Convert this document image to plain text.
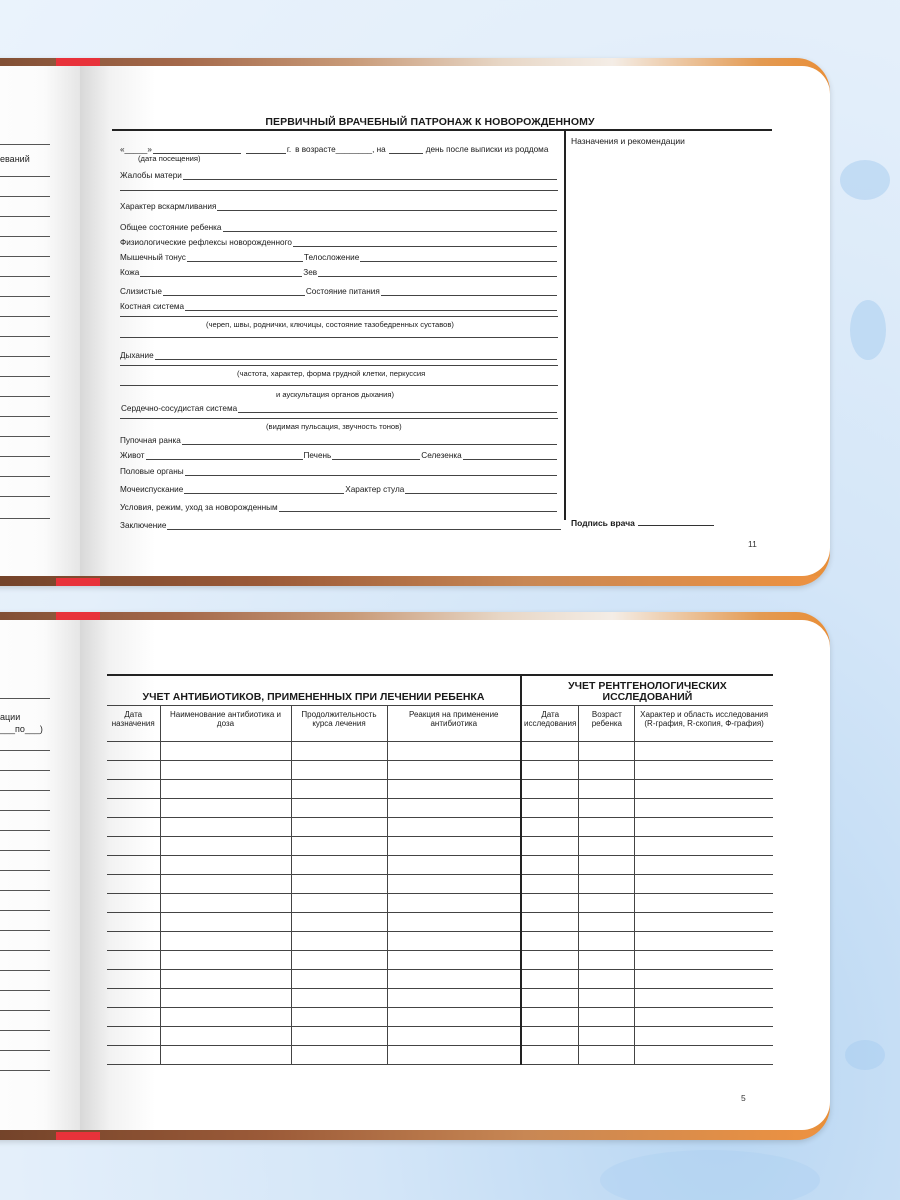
еваний
ПЕРВИЧНЫЙ ВРАЧЕБНЫЙ ПАТРОНАЖ К НОВОРОЖДЕННОМУ
Назначения и рекомендации
«_____»	г. в возрасте________, на	день после выписки из роддома
(дата посещения)
Жалобы матери
Характер вскармливания
Общее состояние ребенка
Физиологические рефлексы новорожденного
Мышечный тонус	Телосложение
Кожа	Зев
Слизистые	Состояние питания
Костная система
(череп, швы, роднички, ключицы, состояние тазобедренных суставов)
Дыхание
(частота, характер, форма грудной клетки, перкуссия
и аускультация органов дыхания)
Сердечно-сосудистая система
(видимая пульсация, звучность тонов)
Пупочная ранка
Живот	Печень	Селезенка
Половые органы
Мочеиспускание	Характер стула
Условия, режим, уход за новорожденным
Заключение	Подпись врача
11
ации
___по___)
УЧЕТ АНТИБИОТИКОВ, ПРИМЕНЕННЫХ ПРИ ЛЕЧЕНИИ РЕБЕНКА				УЧЕТ РЕНТГЕНОЛОГИЧЕСКИХ ИССЛЕДОВАНИЙ		
Дата назначения	Наименование антибиотика и доза	Продолжительность курса лечения	Реакция на применение антибиотика	Дата исследования	Возраст ребенка	Характер и область исследования (R-графия, R-скопия, Ф-графия)

5
